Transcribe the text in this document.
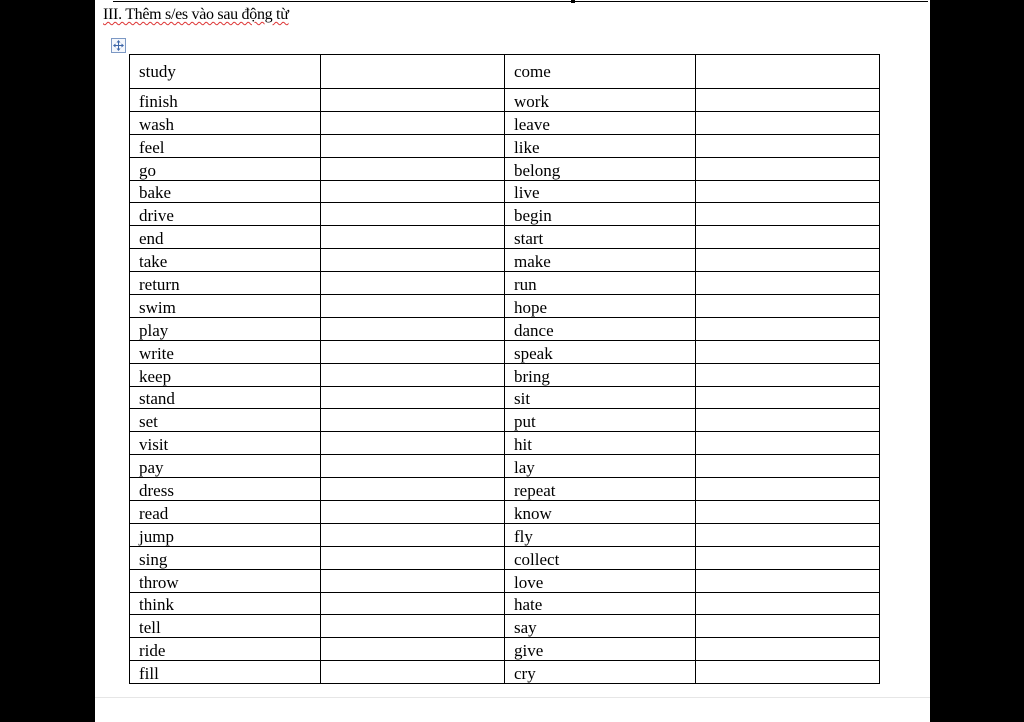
III. Thêm s/es vào sau động từ
study		come	
finish		work	
wash		leave	
feel		like	
go		belong	
bake		live	
drive		begin	
end		start	
take		make	
return		run	
swim		hope	
play		dance	
write		speak	
keep		bring	
stand		sit	
set		put	
visit		hit	
pay		lay	
dress		repeat	
read		know	
jump		fly	
sing		collect	
throw		love	
think		hate	
tell		say	
ride		give	
fill		cry	
